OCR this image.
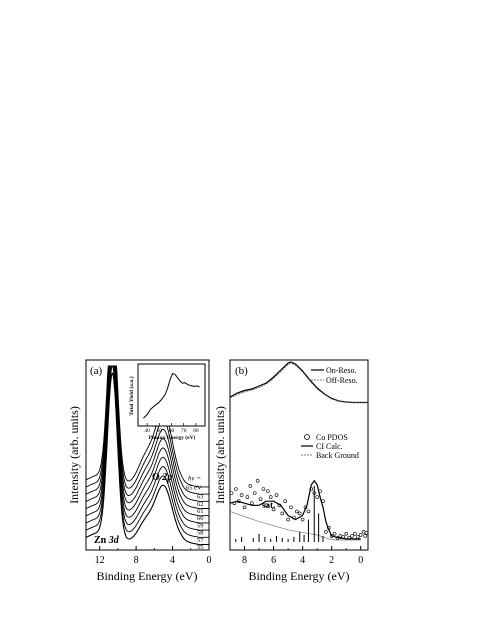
(a)
12	8	4	0
Binding Energy (eV)
Intensity (arb. units)
Zn 3d
O 2p hν =
55
57
58
59
60
61
62
63
65 eV
40 50 60 70 80
Photon Energy (eV)
Total Yield (a.u.)
(b)
8 6 4 2 0
Binding Energy (eV)
Intensity (arb. units)
On-Reso.
Off-Reso.
Co PDOS
CI Calc.
Back Ground
sat.
